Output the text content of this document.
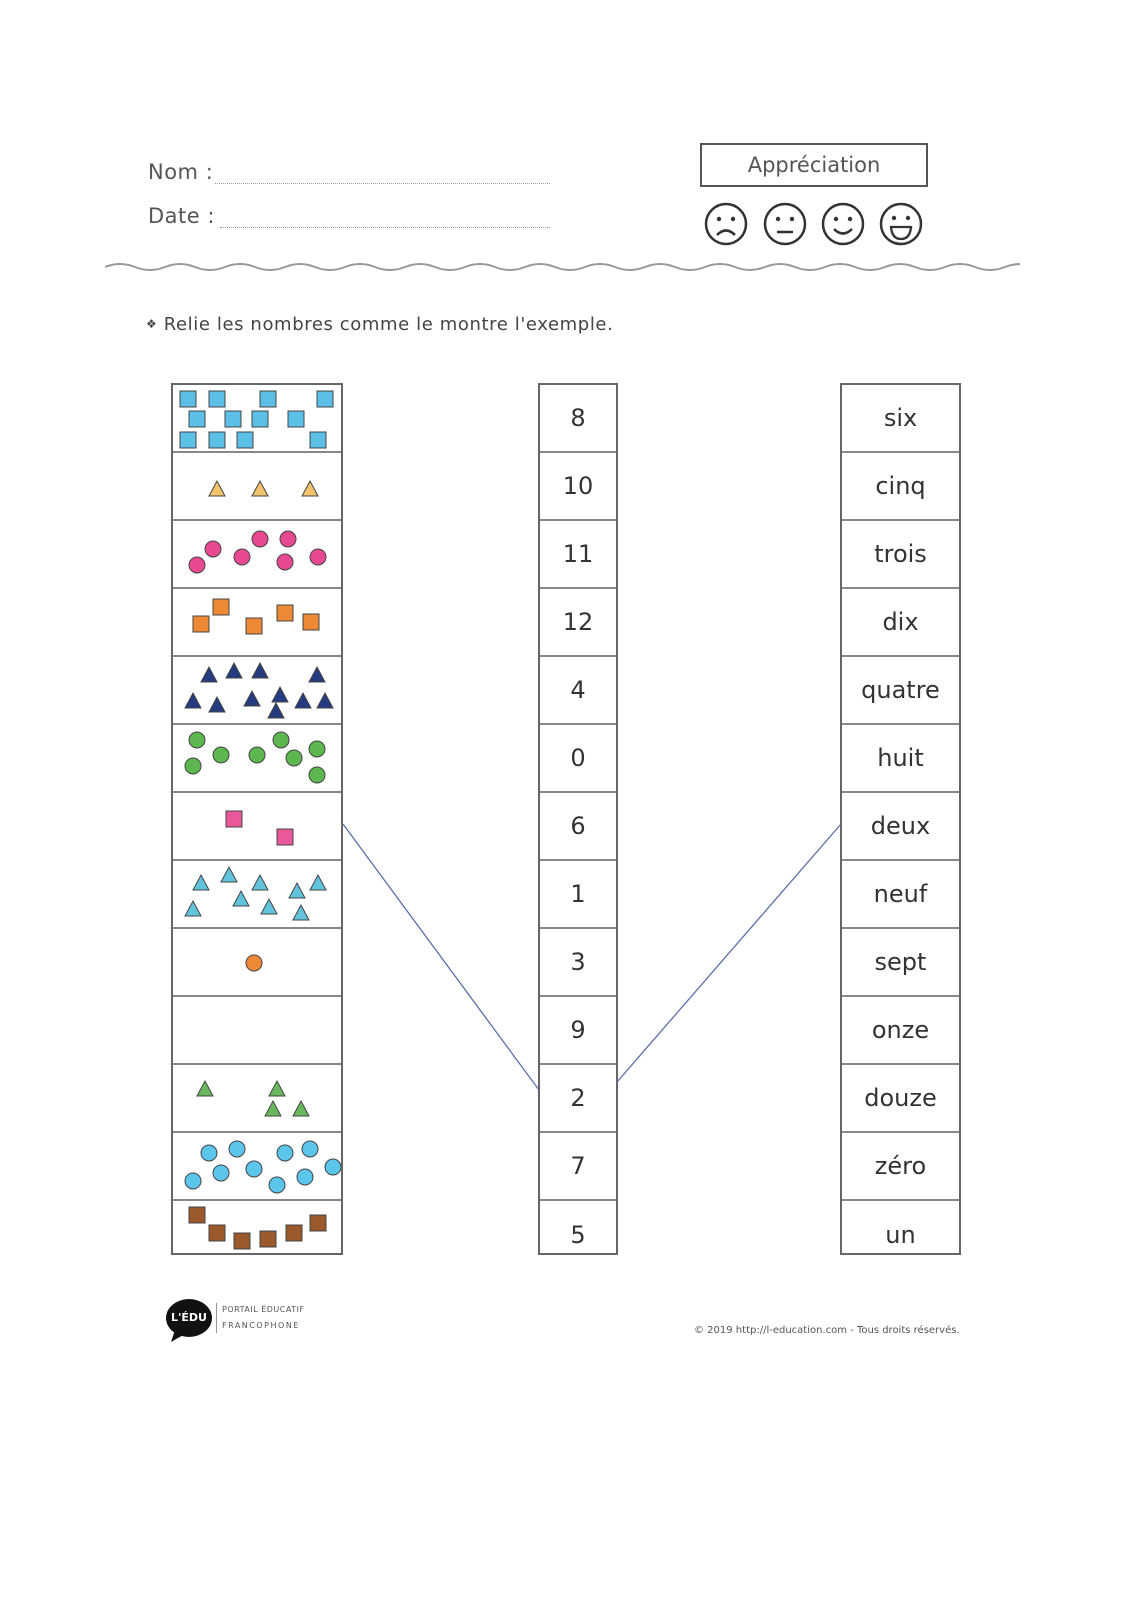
Nom :
Date :
Appréciation
❖ Relie les nombres comme le montre l'exemple.
8
10
11
12
4
0
6
1
3
9
2
7
5
six
cinq
trois
dix
quatre
huit
deux
neuf
sept
onze
douze
zéro
un
L'ÉDU
PORTAIL ÉDUCATIF
FRANCOPHONE	© 2019 http://l-education.com - Tous droits réservés.
